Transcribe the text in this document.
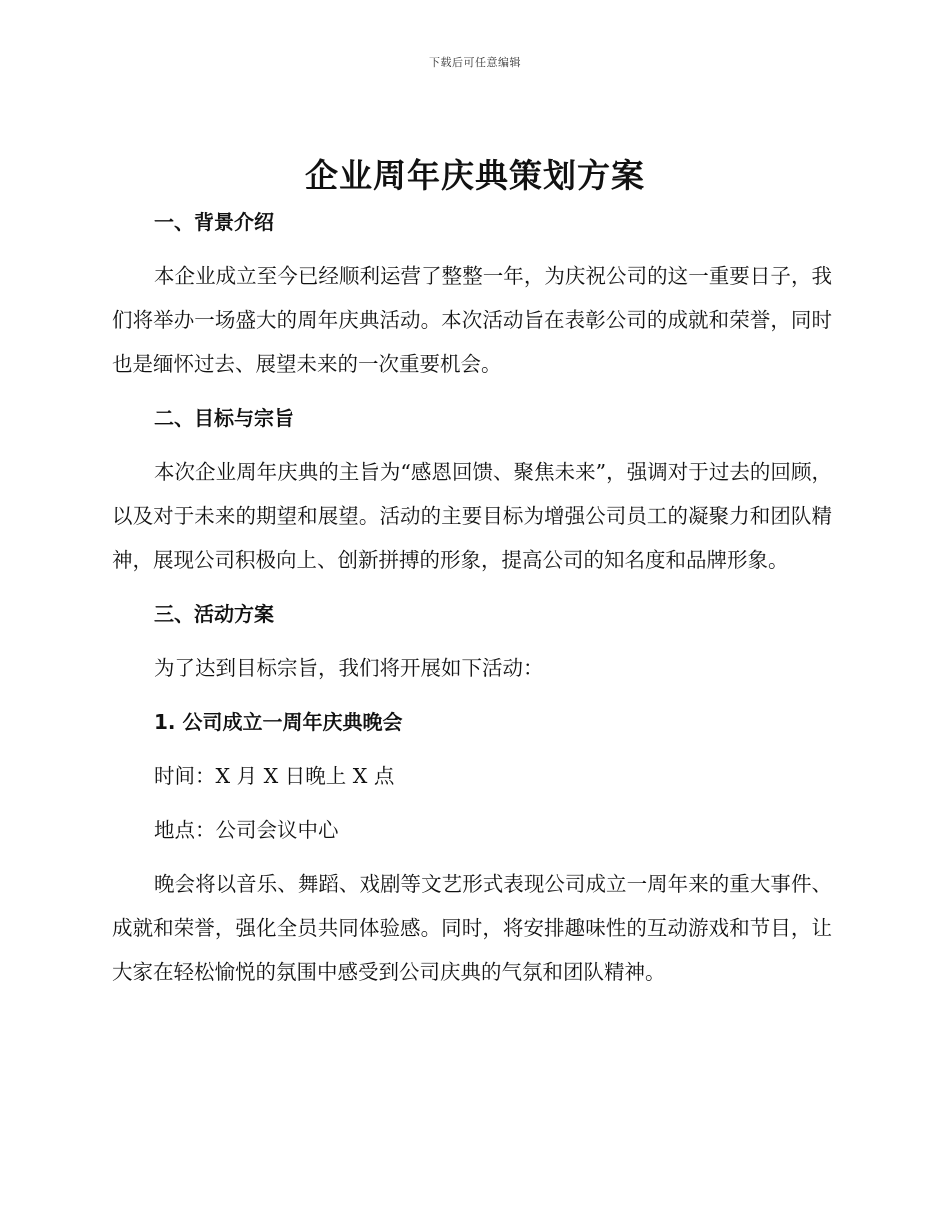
下载后可任意编辑
企业周年庆典策划方案

一、背景介绍

本企业成立至今已经顺利运营了整整一年，为庆祝公司的这一重要日子，我们将举办一场盛大的周年庆典活动。本次活动旨在表彰公司的成就和荣誉，同时也是缅怀过去、展望未来的一次重要机会。

二、目标与宗旨

本次企业周年庆典的主旨为“感恩回馈、聚焦未来”，强调对于过去的回顾，以及对于未来的期望和展望。活动的主要目标为增强公司员工的凝聚力和团队精神，展现公司积极向上、创新拼搏的形象，提高公司的知名度和品牌形象。

三、活动方案

为了达到目标宗旨，我们将开展如下活动：

1. 公司成立一周年庆典晚会

时间：X 月 X 日晚上 X 点

地点：公司会议中心

晚会将以音乐、舞蹈、戏剧等文艺形式表现公司成立一周年来的重大事件、成就和荣誉，强化全员共同体验感。同时，将安排趣味性的互动游戏和节目，让大家在轻松愉悦的氛围中感受到公司庆典的气氛和团队精神。
